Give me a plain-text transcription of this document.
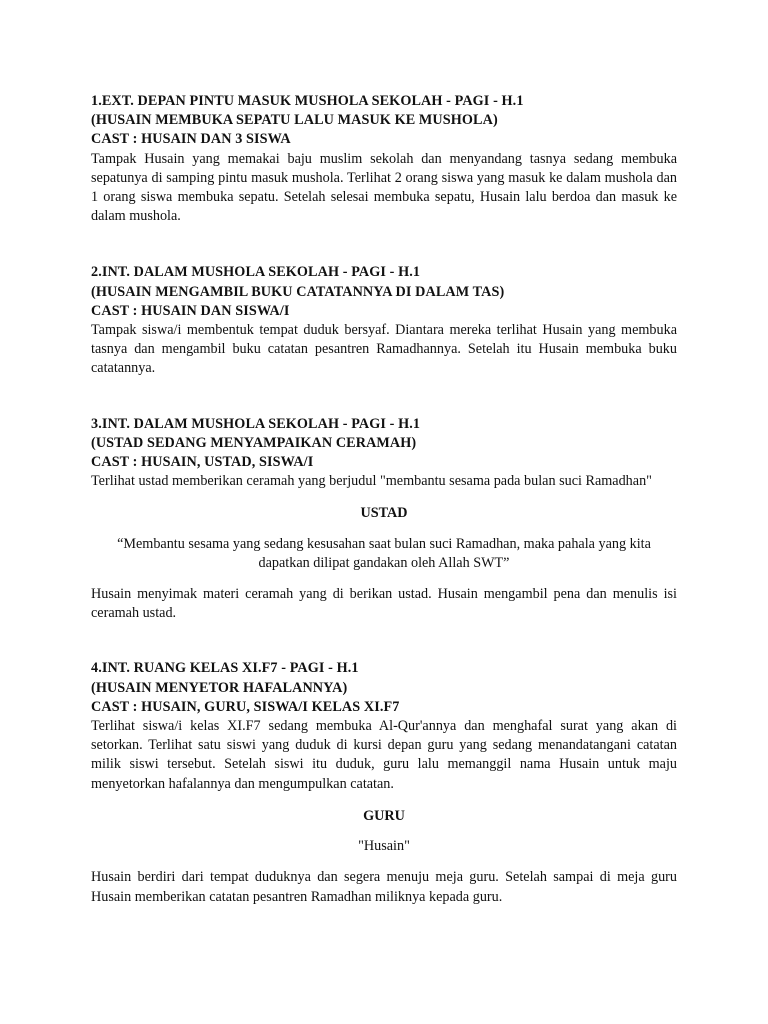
1.EXT. DEPAN PINTU MASUK MUSHOLA SEKOLAH - PAGI - H.1

(HUSAIN MEMBUKA SEPATU LALU MASUK KE MUSHOLA)

CAST : HUSAIN DAN 3 SISWA

Tampak Husain yang memakai baju muslim sekolah dan menyandang tasnya sedang membuka sepatunya di samping pintu masuk mushola. Terlihat 2 orang siswa yang masuk ke dalam mushola dan 1 orang siswa membuka sepatu. Setelah selesai membuka sepatu, Husain lalu berdoa dan masuk ke dalam mushola.

2.INT. DALAM MUSHOLA SEKOLAH - PAGI - H.1

(HUSAIN MENGAMBIL BUKU CATATANNYA DI DALAM TAS)

CAST : HUSAIN DAN SISWA/I

Tampak siswa/i membentuk tempat duduk bersyaf. Diantara mereka terlihat Husain yang membuka tasnya dan mengambil buku catatan pesantren Ramadhannya. Setelah itu Husain membuka buku catatannya.

3.INT. DALAM MUSHOLA SEKOLAH - PAGI - H.1

(USTAD SEDANG MENYAMPAIKAN CERAMAH)

CAST : HUSAIN, USTAD, SISWA/I

Terlihat ustad memberikan ceramah yang berjudul "membantu sesama pada bulan suci Ramadhan"

USTAD

“Membantu sesama yang sedang kesusahan saat bulan suci Ramadhan, maka pahala yang kita dapatkan dilipat gandakan oleh Allah SWT”

Husain menyimak materi ceramah yang di berikan ustad. Husain mengambil pena dan menulis isi ceramah ustad.

4.INT. RUANG KELAS XI.F7 - PAGI - H.1

(HUSAIN MENYETOR HAFALANNYA)

CAST : HUSAIN, GURU, SISWA/I KELAS XI.F7

Terlihat siswa/i kelas XI.F7 sedang membuka Al-Qur'annya dan menghafal surat yang akan di setorkan. Terlihat satu siswi yang duduk di kursi depan guru yang sedang menandatangani catatan milik siswi tersebut. Setelah siswi itu duduk, guru lalu memanggil nama Husain untuk maju menyetorkan hafalannya dan mengumpulkan catatan.

GURU

"Husain"

Husain berdiri dari tempat duduknya dan segera menuju meja guru. Setelah sampai di meja guru Husain memberikan catatan pesantren Ramadhan miliknya kepada guru.
